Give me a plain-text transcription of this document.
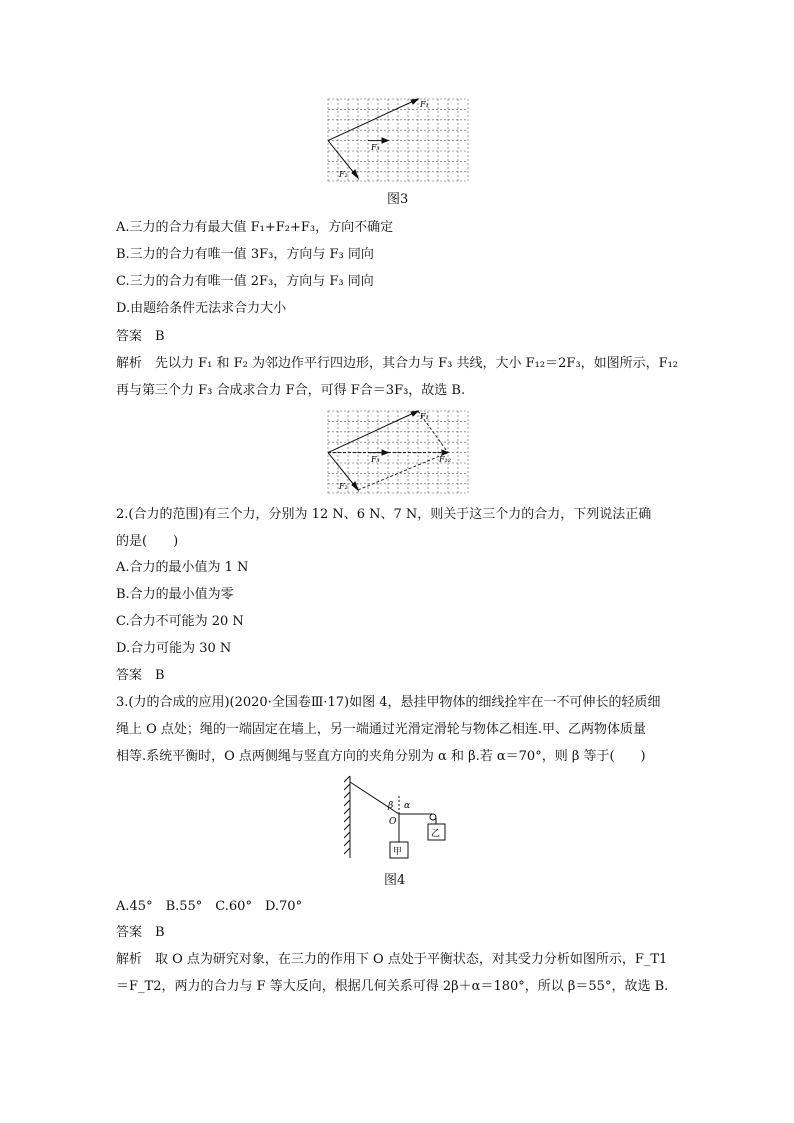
F₁
F₂
F₃
图3
A.三力的合力有最大值 F₁+F₂+F₃，方向不确定
B.三力的合力有唯一值 3F₃，方向与 F₃ 同向
C.三力的合力有唯一值 2F₃，方向与 F₃ 同向
D.由题给条件无法求合力大小
答案　B
解析　先以力 F₁ 和 F₂ 为邻边作平行四边形，其合力与 F₃ 共线，大小 F₁₂＝2F₃，如图所示，F₁₂
再与第三个力 F₃ 合成求合力 F合，可得 F合＝3F₃，故选 B.
F₁
F₂
F₃	F₁₂
2.(合力的范围)有三个力，分别为 12 N、6 N、7 N，则关于这三个力的合力，下列说法正确
的是(　　)
A.合力的最小值为 1 N
B.合力的最小值为零
C.合力不可能为 20 N
D.合力可能为 30 N
答案　B
3.(力的合成的应用)(2020·全国卷Ⅲ·17)如图 4，悬挂甲物体的细线拴牢在一不可伸长的轻质细
绳上 O 点处；绳的一端固定在墙上，另一端通过光滑定滑轮与物体乙相连.甲、乙两物体质量
相等.系统平衡时，O 点两侧绳与竖直方向的夹角分别为 α 和 β.若 α＝70°，则 β 等于(　　)
β α
O
甲
乙
图4
A.45°　B.55°　C.60°　D.70°
答案　B
解析　取 O 点为研究对象，在三力的作用下 O 点处于平衡状态，对其受力分析如图所示，F_T1
＝F_T2，两力的合力与 F 等大反向，根据几何关系可得 2β＋α＝180°，所以 β＝55°，故选 B.
